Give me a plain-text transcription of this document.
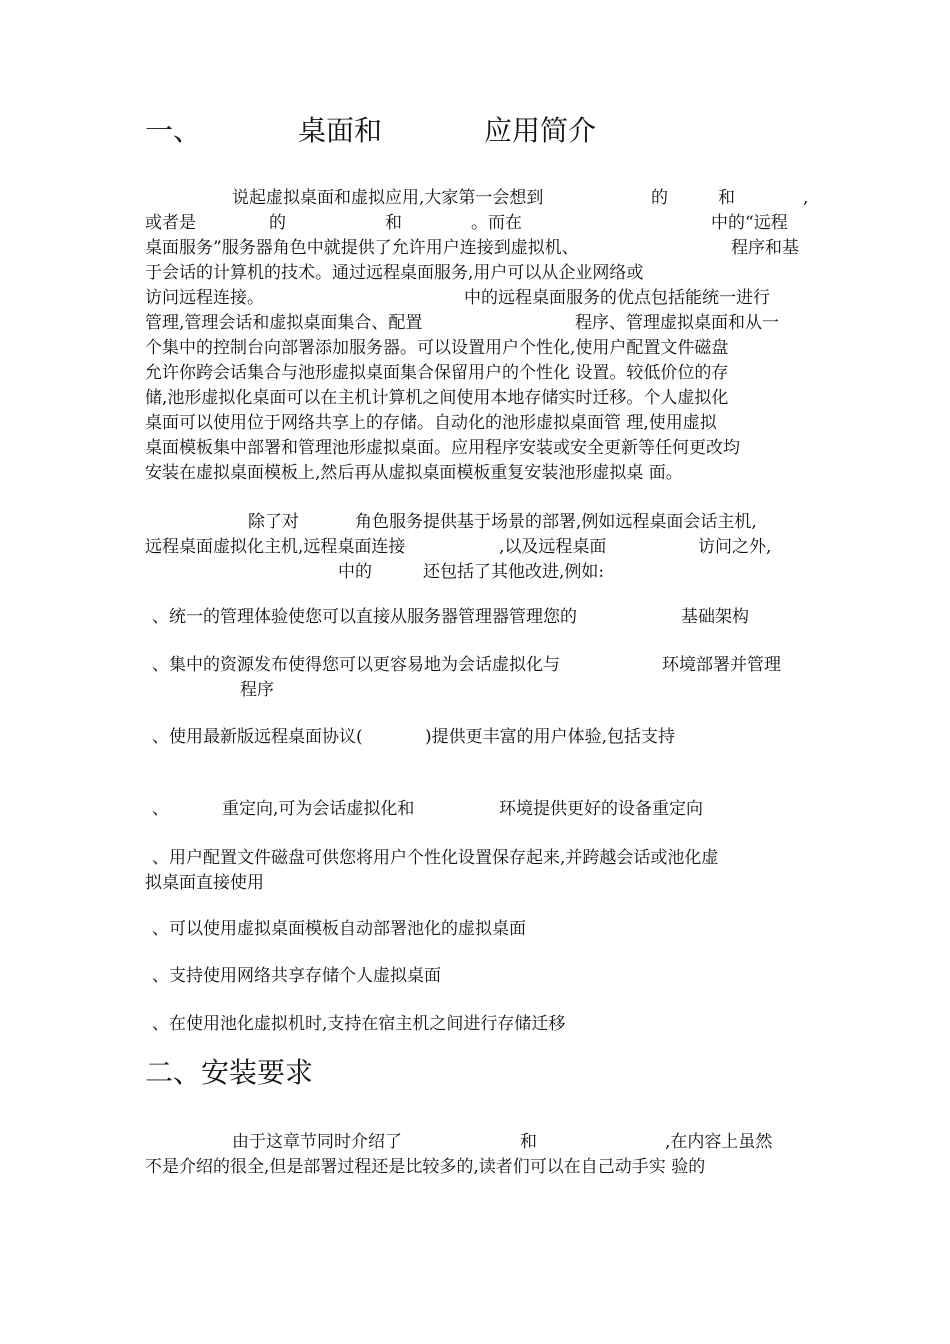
一、	桌面和	应用简介

说起虚拟桌面和虚拟应用,大家第一会想到	的	和	,

或者是	的	和	。而在	中的“远程

桌面服务”服务器角色中就提供了允许用户连接到虚拟机、	程序和基

于会话的计算机的技术。通过远程桌面服务,用户可以从企业网络或

访问远程连接。	中的远程桌面服务的优点包括能统一进行

管理,管理会话和虚拟桌面集合、配置	程序、管理虚拟桌面和从一

个集中的控制台向部署添加服务器。可以设置用户个性化,使用户配置文件磁盘

允许你跨会话集合与池形虚拟桌面集合保留用户的个性化 设置。较低价位的存

储,池形虚拟化桌面可以在主机计算机之间使用本地存储实时迁移。个人虚拟化

桌面可以使用位于网络共享上的存储。自动化的池形虚拟桌面管 理,使用虚拟

桌面模板集中部署和管理池形虚拟桌面。应用程序安装或安全更新等任何更改均

安装在虚拟桌面模板上,然后再从虚拟桌面模板重复安装池形虚拟桌 面。

除了对	角色服务提供基于场景的部署,例如远程桌面会话主机,

远程桌面虚拟化主机,远程桌面连接	,以及远程桌面	访问之外,

中的	还包括了其他改进,例如:

、统一的管理体验使您可以直接从服务器管理器管理您的	基础架构

、集中的资源发布使得您可以更容易地为会话虚拟化与	环境部署并管理

程序

、使用最新版远程桌面协议(	)提供更丰富的用户体验,包括支持

、	重定向,可为会话虚拟化和	环境提供更好的设备重定向

、用户配置文件磁盘可供您将用户个性化设置保存起来,并跨越会话或池化虚

拟桌面直接使用

、可以使用虚拟桌面模板自动部署池化的虚拟桌面

、支持使用网络共享存储个人虚拟桌面

、在使用池化虚拟机时,支持在宿主机之间进行存储迁移

二、安装要求

由于这章节同时介绍了	和	,在内容上虽然

不是介绍的很全,但是部署过程还是比较多的,读者们可以在自己动手实 验的
